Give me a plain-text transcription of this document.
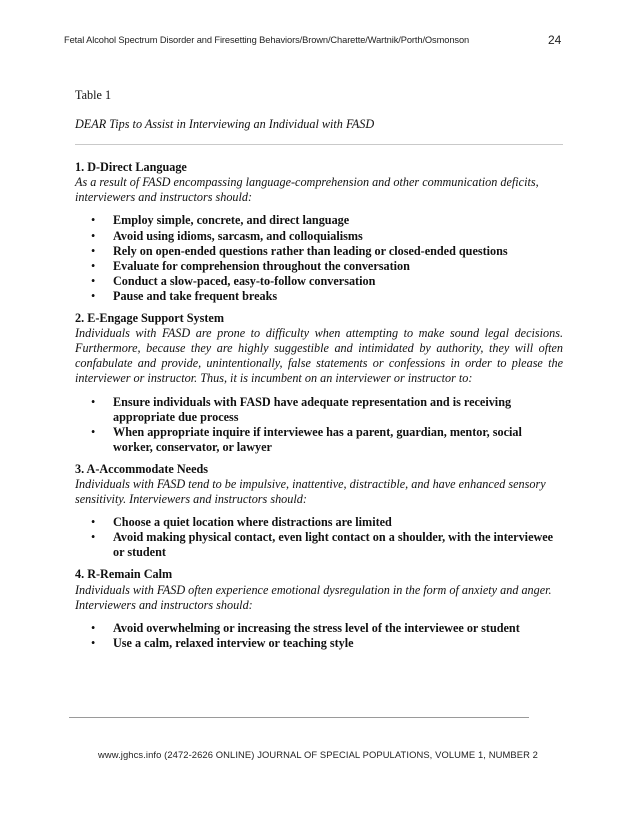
Fetal Alcohol Spectrum Disorder and Firesetting Behaviors/Brown/Charette/Wartnik/Porth/Osmonson	24

Table 1

DEAR Tips to Assist in Interviewing an Individual with FASD

1. D-Direct Language

As a result of FASD encompassing language-comprehension and other communication deficits, interviewers and instructors should:

• Employ simple, concrete, and direct language
• Avoid using idioms, sarcasm, and colloquialisms
• Rely on open-ended questions rather than leading or closed-ended questions
• Evaluate for comprehension throughout the conversation
• Conduct a slow-paced, easy-to-follow conversation
• Pause and take frequent breaks

2. E-Engage Support System

Individuals with FASD are prone to difficulty when attempting to make sound legal decisions. Furthermore, because they are highly suggestible and intimidated by authority, they will often confabulate and provide, unintentionally, false statements or confessions in order to please the interviewer or instructor. Thus, it is incumbent on an interviewer or instructor to:

• Ensure individuals with FASD have adequate representation and is receiving appropriate due process
• When appropriate inquire if interviewee has a parent, guardian, mentor, social worker, conservator, or lawyer

3. A-Accommodate Needs

Individuals with FASD tend to be impulsive, inattentive, distractible, and have enhanced sensory sensitivity. Interviewers and instructors should:

• Choose a quiet location where distractions are limited
• Avoid making physical contact, even light contact on a shoulder, with the interviewee or student

4. R-Remain Calm

Individuals with FASD often experience emotional dysregulation in the form of anxiety and anger. Interviewers and instructors should:

• Avoid overwhelming or increasing the stress level of the interviewee or student
• Use a calm, relaxed interview or teaching style
www.jghcs.info (2472-2626 ONLINE) JOURNAL OF SPECIAL POPULATIONS, VOLUME 1, NUMBER 2
